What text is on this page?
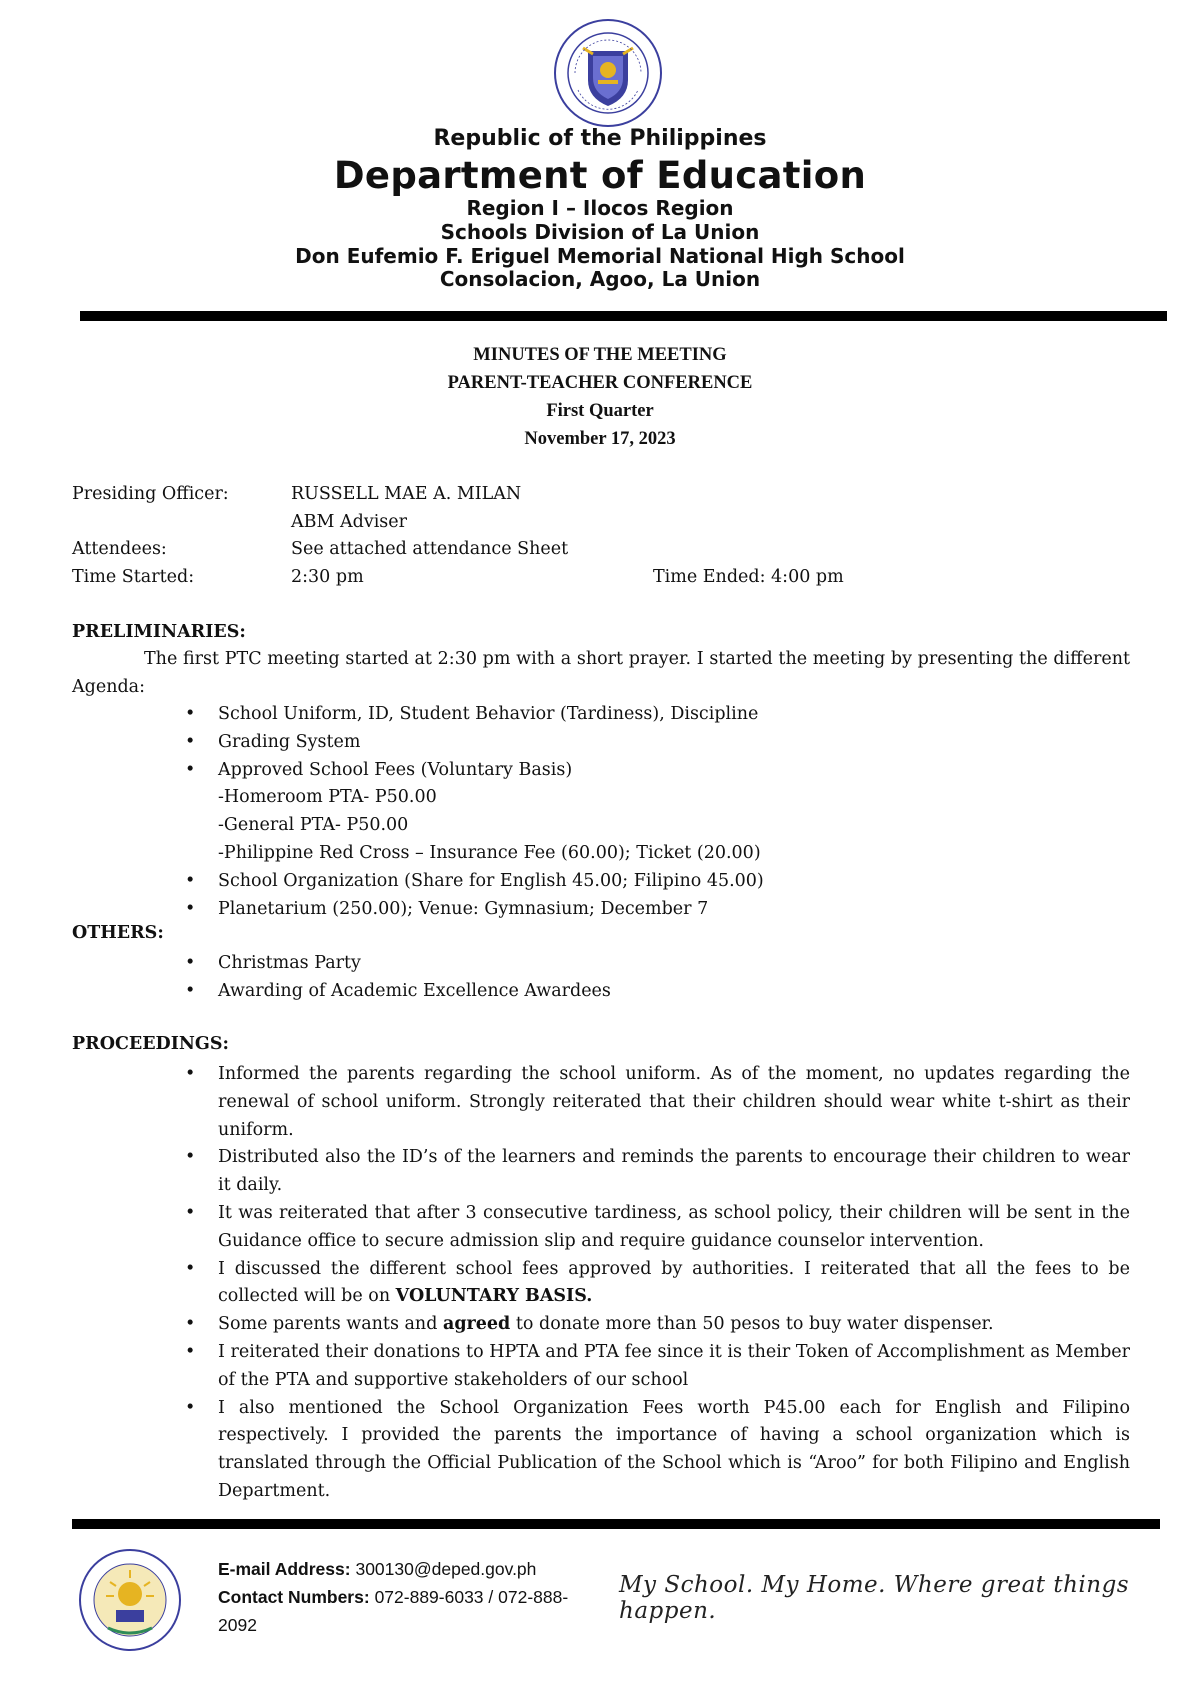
Republic of the Philippines
Department of Education
Region I – Ilocos Region
Schools Division of La Union
Don Eufemio F. Eriguel Memorial National High School
Consolacion, Agoo, La Union
MINUTES OF THE MEETING
PARENT-TEACHER CONFERENCE
First Quarter
November 17, 2023
Presiding Officer:	RUSSELL MAE A. MILAN
ABM Adviser
Attendees:	See attached attendance Sheet
Time Started:	2:30 pm	Time Ended: 4:00 pm
PRELIMINARIES:
The first PTC meeting started at 2:30 pm with a short prayer. I started the meeting by presenting the different Agenda:
• School Uniform, ID, Student Behavior (Tardiness), Discipline
• Grading System
• Approved School Fees (Voluntary Basis)
-Homeroom PTA- P50.00
-General PTA- P50.00
-Philippine Red Cross – Insurance Fee (60.00); Ticket (20.00)
• School Organization (Share for English 45.00; Filipino 45.00)
• Planetarium (250.00); Venue: Gymnasium; December 7
OTHERS:
• Christmas Party
• Awarding of Academic Excellence Awardees
PROCEEDINGS:
• Informed the parents regarding the school uniform. As of the moment, no updates regarding the renewal of school uniform. Strongly reiterated that their children should wear white t-shirt as their uniform.
• Distributed also the ID’s of the learners and reminds the parents to encourage their children to wear it daily.
• It was reiterated that after 3 consecutive tardiness, as school policy, their children will be sent in the Guidance office to secure admission slip and require guidance counselor intervention.
• I discussed the different school fees approved by authorities. I reiterated that all the fees to be collected will be on VOLUNTARY BASIS.
• Some parents wants and agreed to donate more than 50 pesos to buy water dispenser.
• I reiterated their donations to HPTA and PTA fee since it is their Token of Accomplishment as Member of the PTA and supportive stakeholders of our school
• I also mentioned the School Organization Fees worth P45.00 each for English and Filipino respectively. I provided the parents the importance of having a school organization which is translated through the Official Publication of the School which is “Aroo” for both Filipino and English Department.
E-mail Address: 300130@deped.gov.ph
Contact Numbers: 072-889-6033 / 072-888-2092
My School. My Home. Where great things happen.
